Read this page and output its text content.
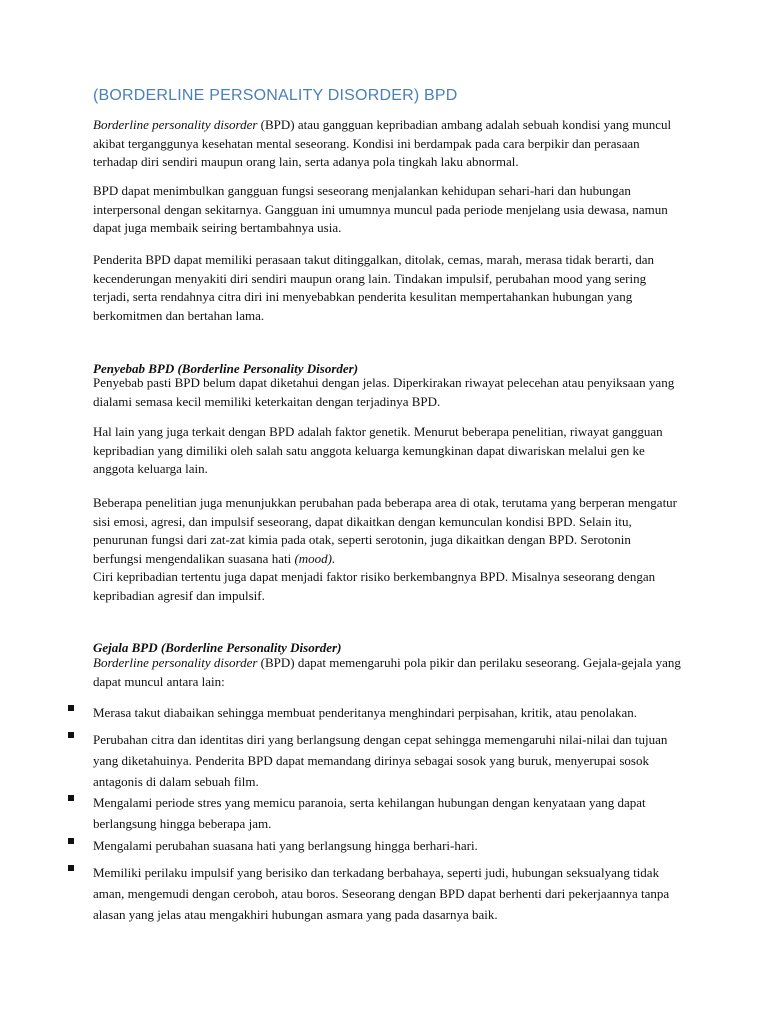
(BORDERLINE PERSONALITY DISORDER) BPD

Borderline personality disorder (BPD) atau gangguan kepribadian ambang adalah sebuah kondisi yang muncul akibat terganggunya kesehatan mental seseorang. Kondisi ini berdampak pada cara berpikir dan perasaan terhadap diri sendiri maupun orang lain, serta adanya pola tingkah laku abnormal.

BPD dapat menimbulkan gangguan fungsi seseorang menjalankan kehidupan sehari-hari dan hubungan interpersonal dengan sekitarnya. Gangguan ini umumnya muncul pada periode menjelang usia dewasa, namun dapat juga membaik seiring bertambahnya usia.

Penderita BPD dapat memiliki perasaan takut ditinggalkan, ditolak, cemas, marah, merasa tidak berarti, dan kecenderungan menyakiti diri sendiri maupun orang lain. Tindakan impulsif, perubahan mood yang sering terjadi, serta rendahnya citra diri ini menyebabkan penderita kesulitan mempertahankan hubungan yang berkomitmen dan bertahan lama.

Penyebab BPD (Borderline Personality Disorder)

Penyebab pasti BPD belum dapat diketahui dengan jelas. Diperkirakan riwayat pelecehan atau penyiksaan yang dialami semasa kecil memiliki keterkaitan dengan terjadinya BPD.

Hal lain yang juga terkait dengan BPD adalah faktor genetik. Menurut beberapa penelitian, riwayat gangguan kepribadian yang dimiliki oleh salah satu anggota keluarga kemungkinan dapat diwariskan melalui gen ke anggota keluarga lain.

Beberapa penelitian juga menunjukkan perubahan pada beberapa area di otak, terutama yang berperan mengatur sisi emosi, agresi, dan impulsif seseorang, dapat dikaitkan dengan kemunculan kondisi BPD. Selain itu, penurunan fungsi dari zat-zat kimia pada otak, seperti serotonin, juga dikaitkan dengan BPD. Serotonin berfungsi mengendalikan suasana hati (mood).
Ciri kepribadian tertentu juga dapat menjadi faktor risiko berkembangnya BPD. Misalnya seseorang dengan kepribadian agresif dan impulsif.

Gejala BPD (Borderline Personality Disorder)

Borderline personality disorder (BPD) dapat memengaruhi pola pikir dan perilaku seseorang. Gejala-gejala yang dapat muncul antara lain:

Merasa takut diabaikan sehingga membuat penderitanya menghindari perpisahan, kritik, atau penolakan.
Perubahan citra dan identitas diri yang berlangsung dengan cepat sehingga memengaruhi nilai-nilai dan tujuan yang diketahuinya. Penderita BPD dapat memandang dirinya sebagai sosok yang buruk, menyerupai sosok antagonis di dalam sebuah film.
Mengalami periode stres yang memicu paranoia, serta kehilangan hubungan dengan kenyataan yang dapat berlangsung hingga beberapa jam.
Mengalami perubahan suasana hati yang berlangsung hingga berhari-hari.
Memiliki perilaku impulsif yang berisiko dan terkadang berbahaya, seperti judi, hubungan seksualyang tidak aman, mengemudi dengan ceroboh, atau boros. Seseorang dengan BPD dapat berhenti dari pekerjaannya tanpa alasan yang jelas atau mengakhiri hubungan asmara yang pada dasarnya baik.
